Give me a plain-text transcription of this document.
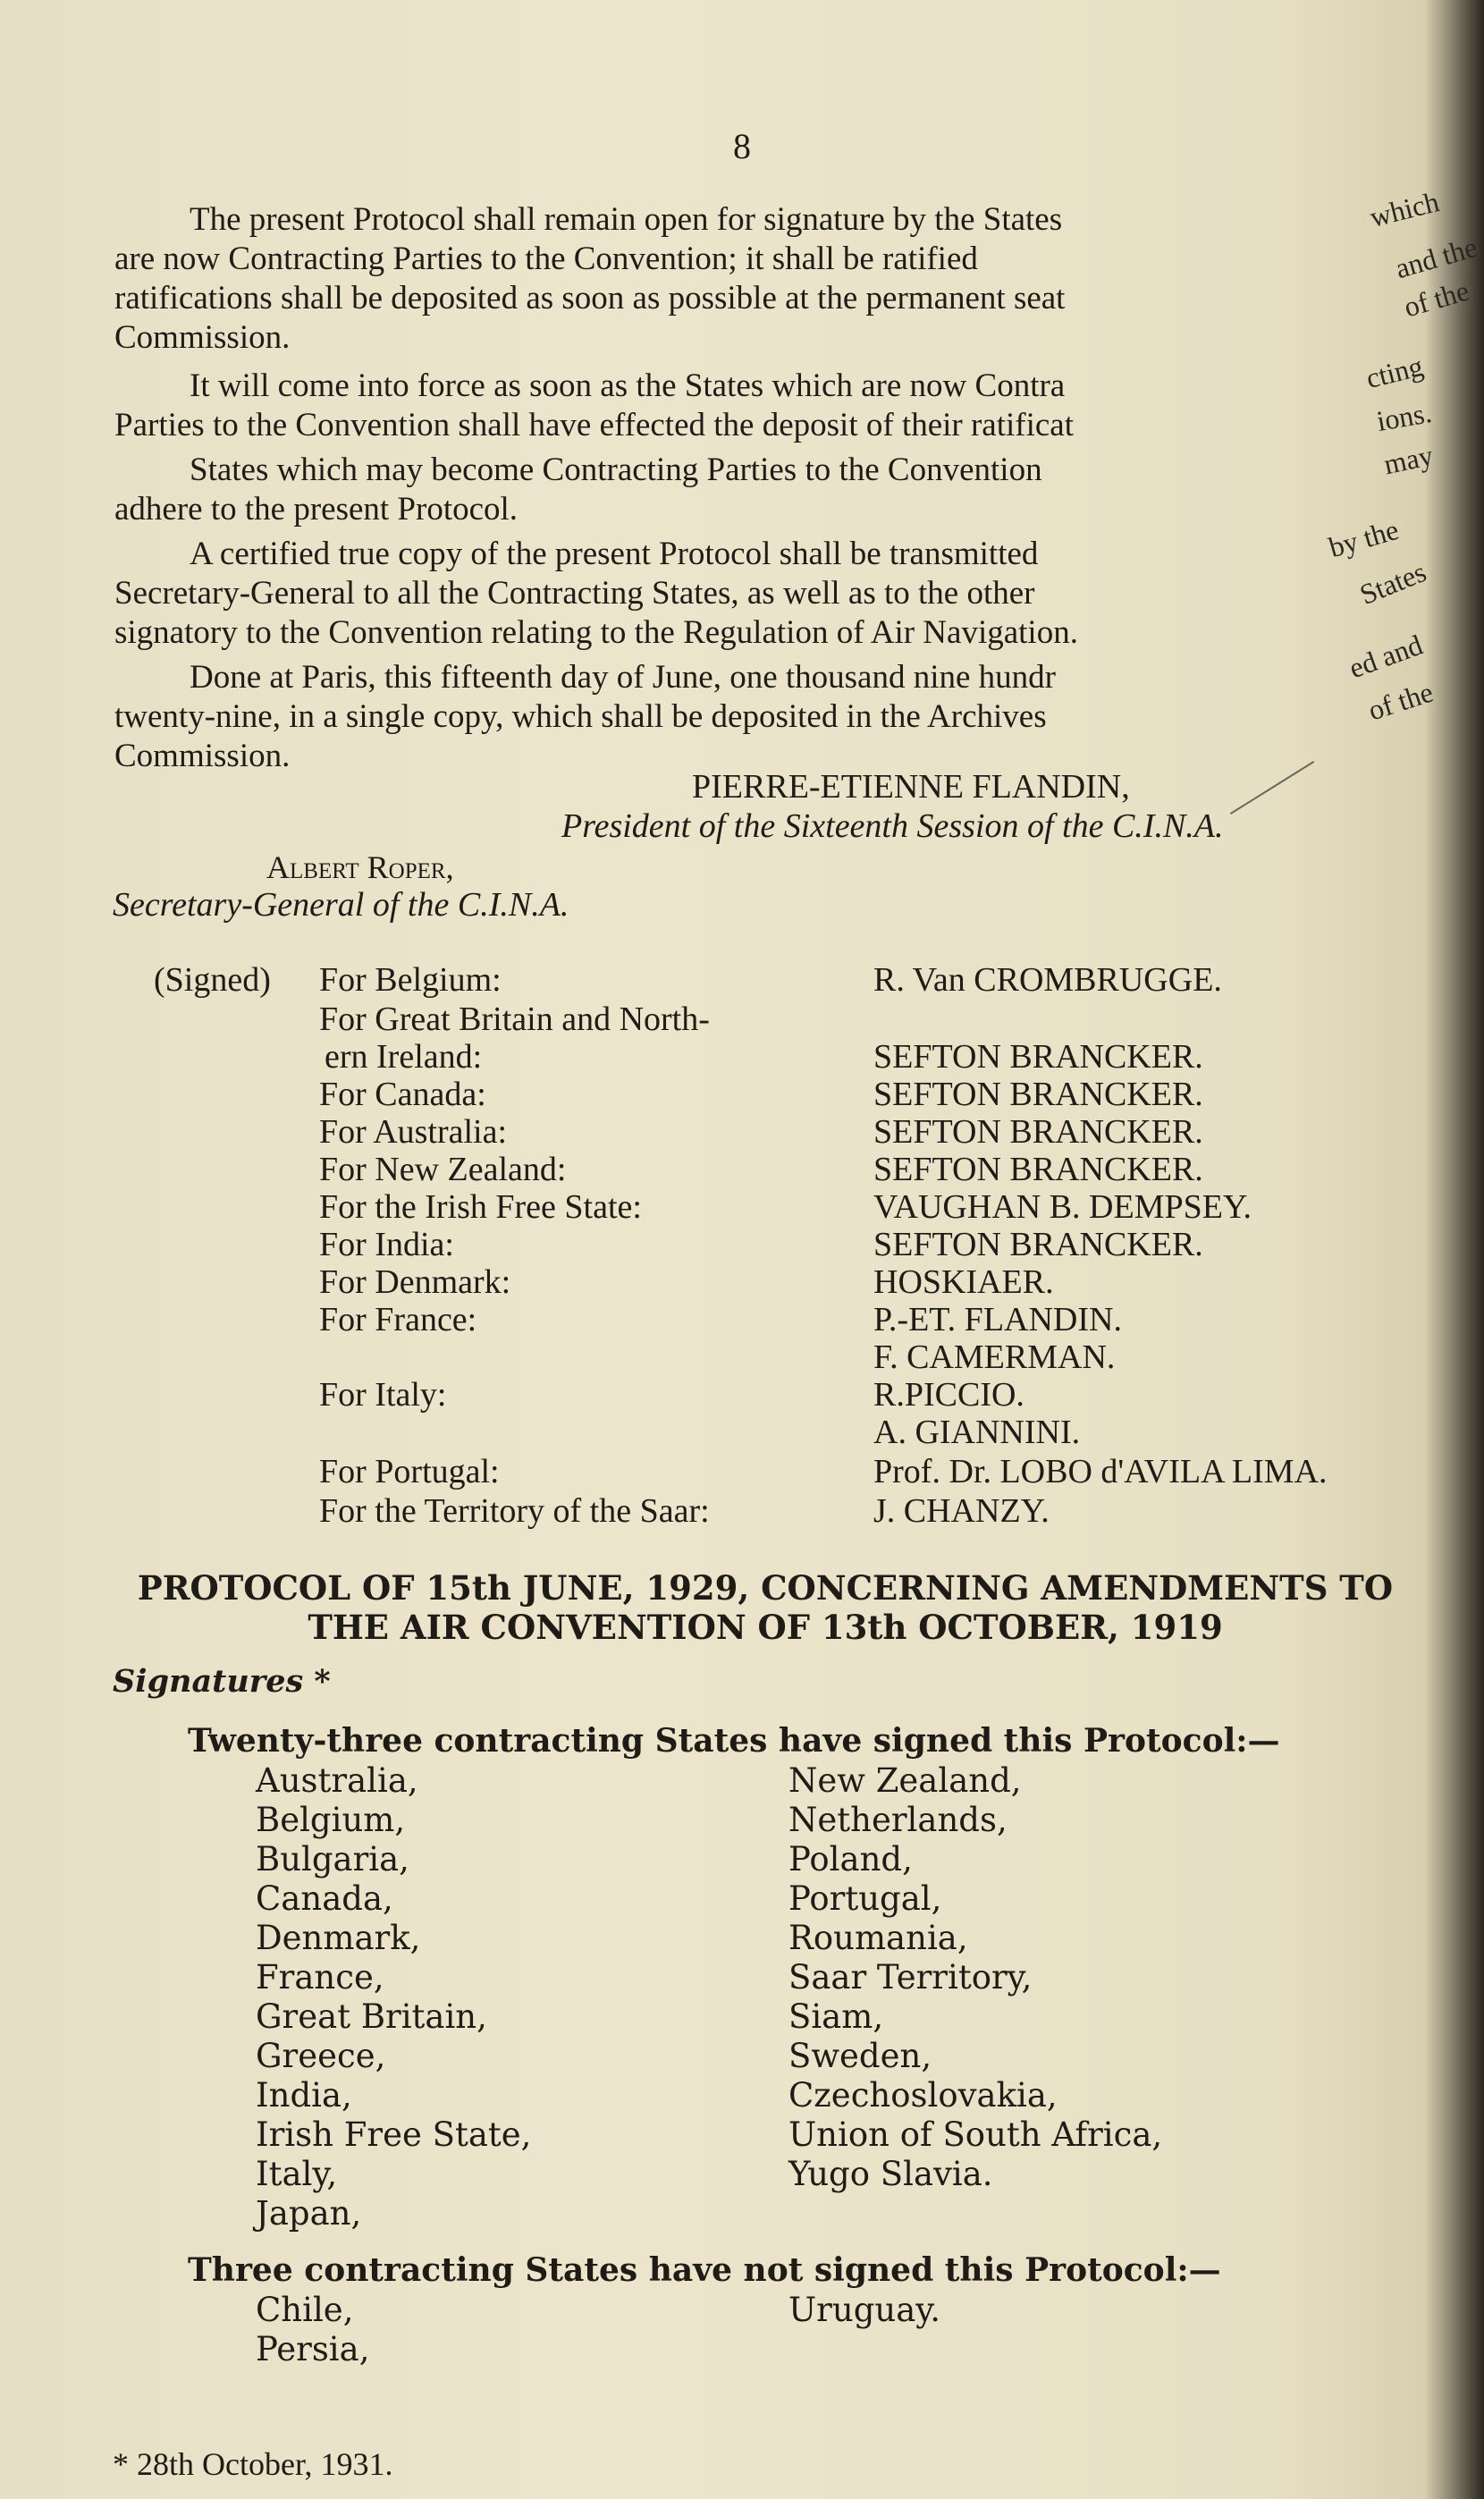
8
The present Protocol shall remain open for signature by the States
are now Contracting Parties to the Convention; it shall be ratified
ratifications shall be deposited as soon as possible at the permanent seat
Commission.
It will come into force as soon as the States which are now Contra
Parties to the Convention shall have effected the deposit of their ratificat
States which may become Contracting Parties to the Convention
adhere to the present Protocol.
A certified true copy of the present Protocol shall be transmitted
Secretary-General to all the Contracting States, as well as to the other
signatory to the Convention relating to the Regulation of Air Navigation.
Done at Paris, this fifteenth day of June, one thousand nine hundr
twenty-nine, in a single copy, which shall be deposited in the Archives
Commission.
which
and the
of the
cting
ions.
may
by the
States
ed and
of the
PIERRE-ETIENNE FLANDIN,
President of the Sixteenth Session of the C.I.N.A.
Albert Roper,
Secretary-General of the C.I.N.A.
(Signed) For Belgium:	R. Van CROMBRUGGE.
For Great Britain and North-
ern Ireland:	SEFTON BRANCKER.
For Canada:	SEFTON BRANCKER.
For Australia:	SEFTON BRANCKER.
For New Zealand:	SEFTON BRANCKER.
For the Irish Free State:	VAUGHAN B. DEMPSEY.
For India:	SEFTON BRANCKER.
For Denmark:	HOSKIAER.
For France:	P.-ET. FLANDIN.
F. CAMERMAN.
For Italy:	R.PICCIO.
A. GIANNINI.
For Portugal:	Prof. Dr. LOBO d'AVILA LIMA.
For the Territory of the Saar:	J. CHANZY.
PROTOCOL OF 15th JUNE, 1929, CONCERNING AMENDMENTS TO
THE AIR CONVENTION OF 13th OCTOBER, 1919
Signatures *
Twenty-three contracting States have signed this Protocol:—
Australia,
Belgium,
Bulgaria,
Canada,
Denmark,
France,
Great Britain,
Greece,
India,
Irish Free State,
Italy,
Japan,
New Zealand,
Netherlands,
Poland,
Portugal,
Roumania,
Saar Territory,
Siam,
Sweden,
Czechoslovakia,
Union of South Africa,
Yugo Slavia.
Three contracting States have not signed this Protocol:—
Chile,
Persia,
Uruguay.
* 28th October, 1931.
